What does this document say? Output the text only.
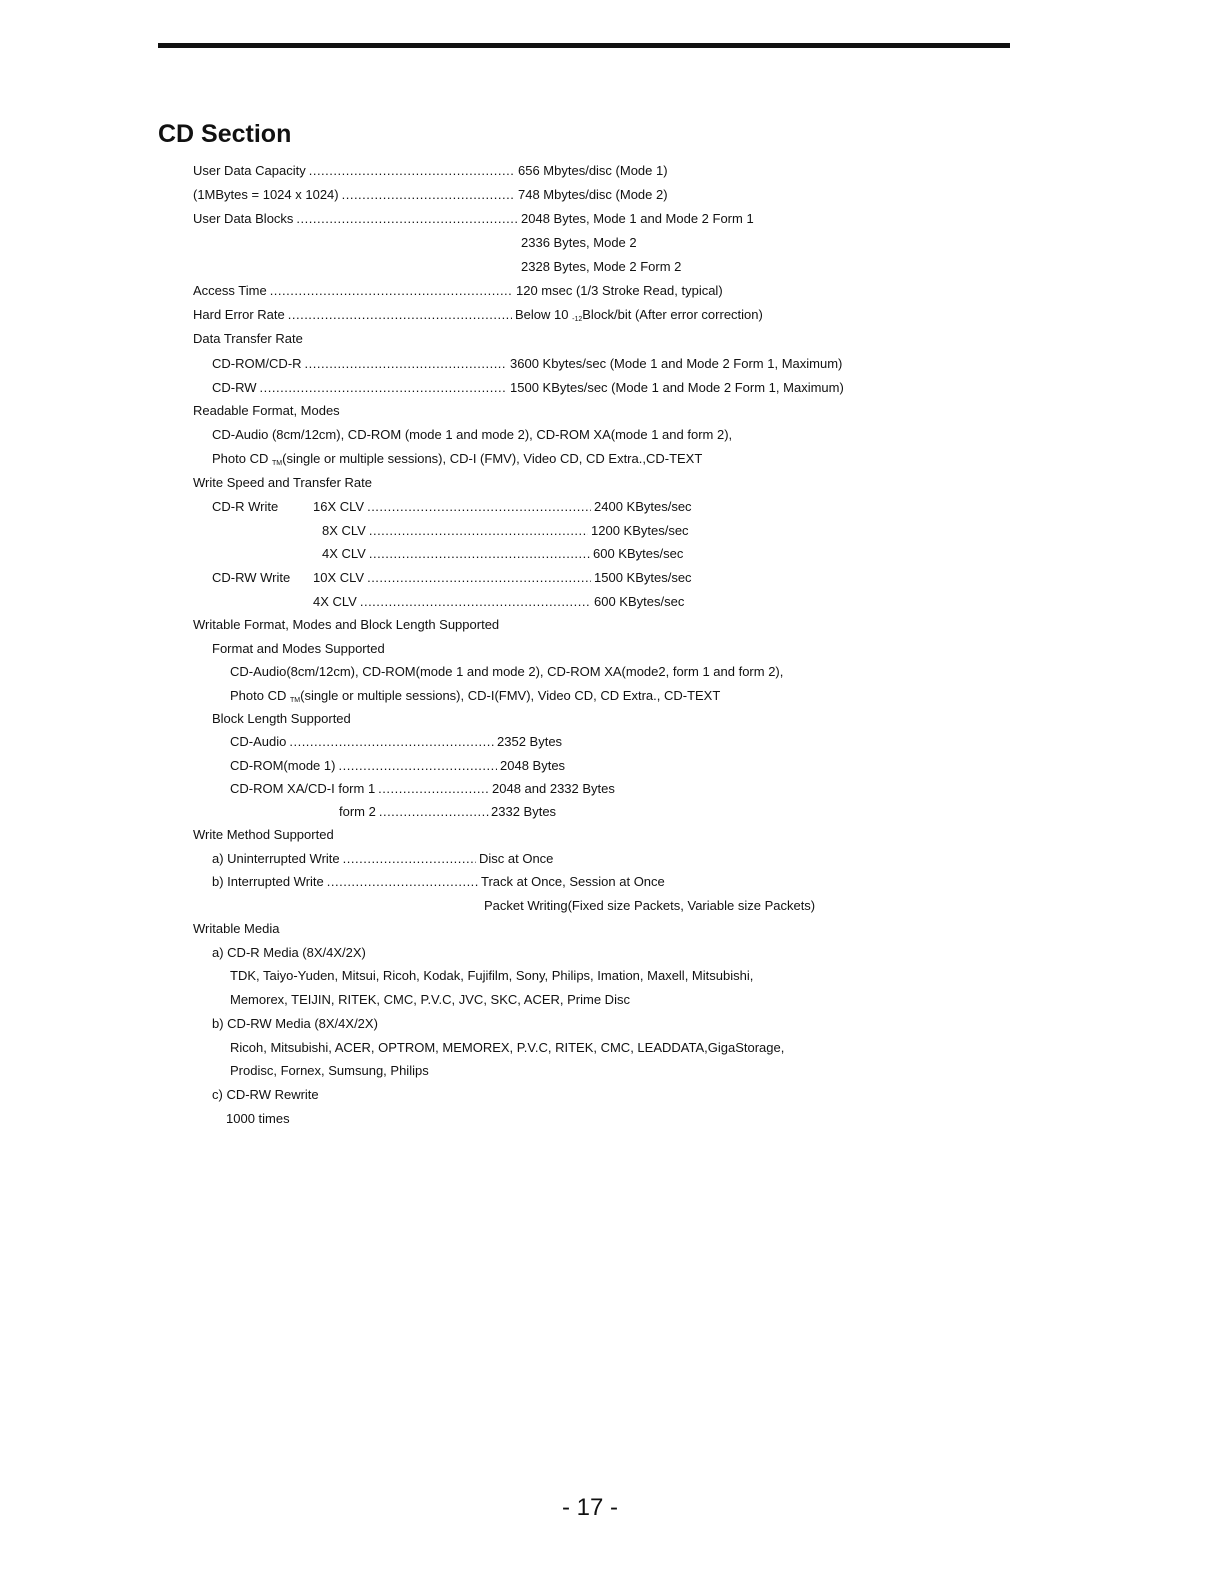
CD Section
User Data Capacity .....	656 Mbytes/disc (Mode 1)
(1MBytes = 1024 x 1024) .....	748 Mbytes/disc (Mode 2)
User Data Blocks .....	2048 Bytes, Mode 1 and Mode 2 Form 1
2336 Bytes, Mode 2
2328 Bytes, Mode 2 Form 2
Access Time .....	120 msec (1/3 Stroke Read, typical)
Hard Error Rate .....	Below 10 $_{-12}$Block/bit (After error correction)
Data Transfer Rate
CD-ROM/CD-R .....	3600 Kbytes/sec (Mode 1 and Mode 2 Form 1, Maximum)
CD-RW .....	1500 KBytes/sec (Mode 1 and Mode 2 Form 1, Maximum)
Readable Format, Modes
CD-Audio (8cm/12cm), CD-ROM (mode 1 and mode 2), CD-ROM XA(mode 1 and form 2),
Photo CD $_{TM}$(single or multiple sessions), CD-I (FMV), Video CD, CD Extra.,CD-TEXT
Write Speed and Transfer Rate
CD-R Write	16X CLV .....	2400 KBytes/sec
8X CLV .....	1200 KBytes/sec
4X CLV .....	600 KBytes/sec
CD-RW Write 10X CLV .....	1500 KBytes/sec
4X CLV .....	600 KBytes/sec
Writable Format, Modes and Block Length Supported
Format and Modes Supported
CD-Audio(8cm/12cm), CD-ROM(mode 1 and mode 2), CD-ROM XA(mode2, form 1 and form 2),
Photo CD $_{TM}$(single or multiple sessions), CD-I(FMV), Video CD, CD Extra., CD-TEXT
Block Length Supported
CD-Audio .....	2352 Bytes
CD-ROM(mode 1) .....	2048 Bytes
CD-ROM XA/CD-I form 1 .....	2048 and 2332 Bytes
form 2 .....	2332 Bytes
Write Method Supported
a) Uninterrupted Write .....	Disc at Once
b) Interrupted Write .....	Track at Once, Session at Once
Packet Writing(Fixed size Packets, Variable size Packets)
Writable Media
a) CD-R Media (8X/4X/2X)
TDK, Taiyo-Yuden, Mitsui, Ricoh, Kodak, Fujifilm, Sony, Philips, Imation, Maxell, Mitsubishi,
Memorex, TEIJIN, RITEK, CMC, P.V.C, JVC, SKC, ACER, Prime Disc
b) CD-RW Media (8X/4X/2X)
Ricoh, Mitsubishi, ACER, OPTROM, MEMOREX, P.V.C, RITEK, CMC, LEADDATA,GigaStorage,
Prodisc, Fornex, Sumsung, Philips
c) CD-RW Rewrite
1000 times
- 17 -
